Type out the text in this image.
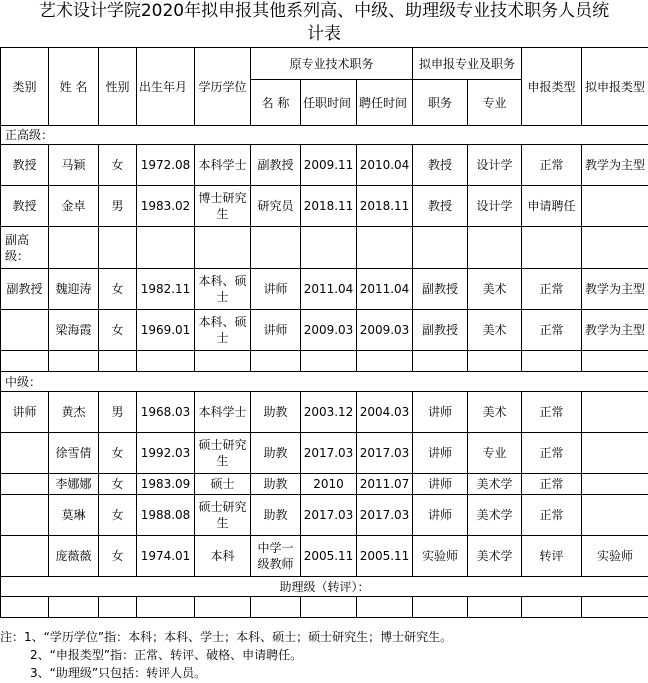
艺术设计学院2020年拟申报其他系列高、中级、助理级专业技术职务人员统
计表
类别	姓 名	性别	出生年月	学历学位	原专业技术职务			拟申报专业及职务		申报类型	拟申报类型
					名 称	任职时间	聘任时间	职务	专业		
正高级：											
教授	马颖	女	1972.08	本科学士	副教授	2009.11	2010.04	教授	设计学	正常	教学为主型
教授	金卓	男	1983.02	博士研究生	研究员	2018.11	2018.11	教授	设计学	申请聘任	
副高级：											
副教授	魏迎涛	女	1982.11	本科、硕士	讲师	2011.04	2011.04	副教授	美术	正常	教学为主型
	梁海霞	女	1969.01	本科、硕士	讲师	2009.03	2009.03	副教授	美术	正常	教学为主型

中级：											
讲师	黄杰	男	1968.03	本科学士	助教	2003.12	2004.03	讲师	美术	正常	
	徐雪倩	女	1992.03	硕士研究生	助教	2017.03	2017.03	讲师	专业	正常	
	李娜娜	女	1983.09	硕士	助教	2010	2011.07	讲师	美术学	正常	
	莫琳	女	1988.08	硕士研究生	助教	2017.03	2017.03	讲师	美术学	正常	
	庞薇薇	女	1974.01	本科	中学一级教师	2005.11	2005.11	实验师	美术学	转评	实验师
助理级（转评）：											

注：1、“学历学位”指：本科；本科、学士；本科、硕士；硕士研究生；博士研究生。
2、“申报类型”指：正常、转评、破格、申请聘任。
3、“助理级”只包括：转评人员。
